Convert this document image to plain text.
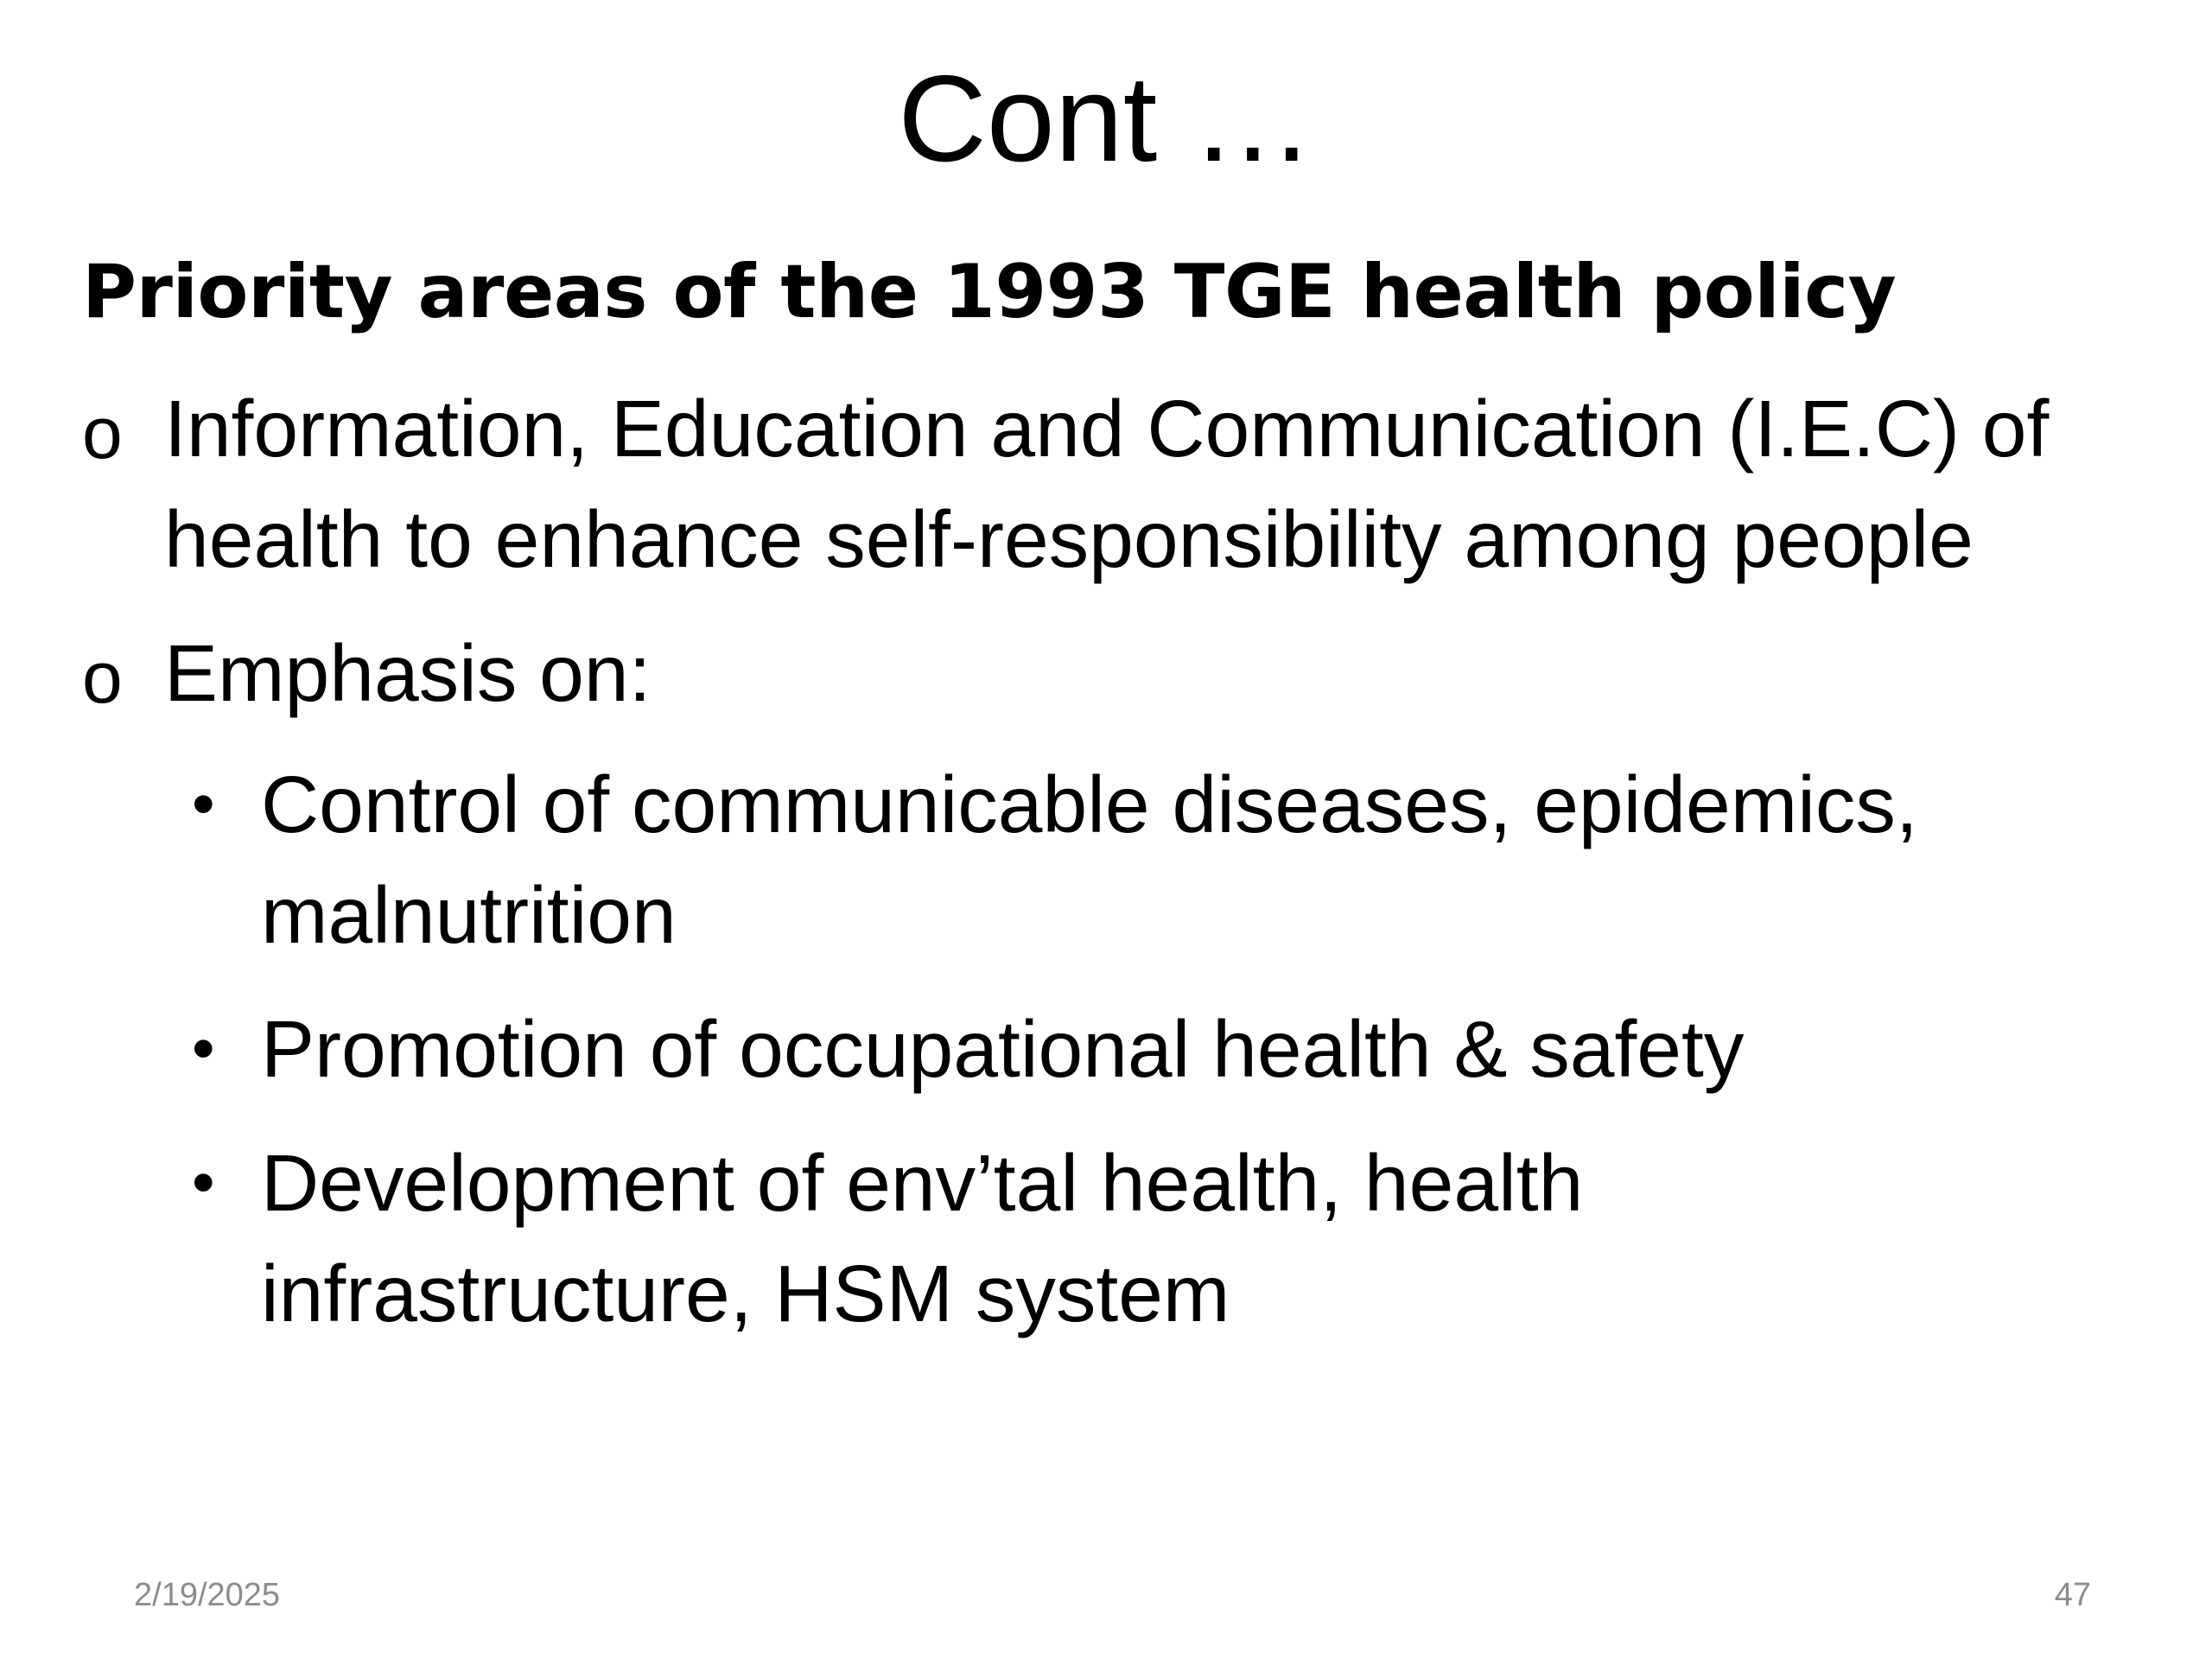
Cont …
Priority areas of the 1993 TGE health policy
o Information, Education and Communication (I.E.C) of
health to enhance self-responsibility among people
o Emphasis on:
• Control of communicable diseases, epidemics,
malnutrition
• Promotion of occupational health & safety
• Development of env’tal health, health
infrastructure, HSM system
2/19/2025	47
